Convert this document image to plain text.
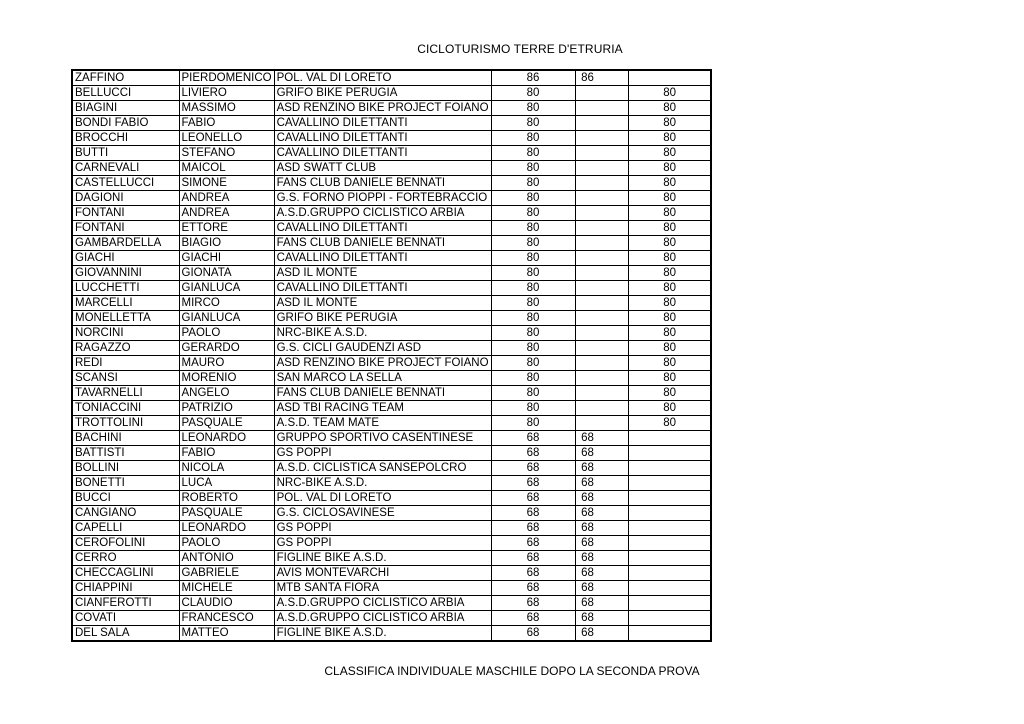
CICLOTURISMO TERRE D'ETRURIA
ZAFFINO	PIERDOMENICO	POL. VAL DI LORETO	86	86	
BELLUCCI	LIVIERO	GRIFO BIKE PERUGIA	80		80
BIAGINI	MASSIMO	ASD RENZINO BIKE PROJECT FOIANO	80		80
BONDI FABIO	FABIO	CAVALLINO DILETTANTI	80		80
BROCCHI	LEONELLO	CAVALLINO DILETTANTI	80		80
BUTTI	STEFANO	CAVALLINO DILETTANTI	80		80
CARNEVALI	MAICOL	ASD SWATT CLUB	80		80
CASTELLUCCI	SIMONE	FANS CLUB DANIELE BENNATI	80		80
DAGIONI	ANDREA	G.S. FORNO PIOPPI - FORTEBRACCIO	80		80
FONTANI	ANDREA	A.S.D.GRUPPO CICLISTICO ARBIA	80		80
FONTANI	ETTORE	CAVALLINO DILETTANTI	80		80
GAMBARDELLA	BIAGIO	FANS CLUB DANIELE BENNATI	80		80
GIACHI	GIACHI	CAVALLINO DILETTANTI	80		80
GIOVANNINI	GIONATA	ASD IL MONTE	80		80
LUCCHETTI	GIANLUCA	CAVALLINO DILETTANTI	80		80
MARCELLI	MIRCO	ASD IL MONTE	80		80
MONELLETTA	GIANLUCA	GRIFO BIKE PERUGIA	80		80
NORCINI	PAOLO	NRC-BIKE A.S.D.	80		80
RAGAZZO	GERARDO	G.S. CICLI GAUDENZI ASD	80		80
REDI	MAURO	ASD RENZINO BIKE PROJECT FOIANO	80		80
SCANSI	MORENIO	SAN MARCO LA SELLA	80		80
TAVARNELLI	ANGELO	FANS CLUB DANIELE BENNATI	80		80
TONIACCINI	PATRIZIO	ASD TBI RACING TEAM	80		80
TROTTOLINI	PASQUALE	A.S.D. TEAM MATE	80		80
BACHINI	LEONARDO	GRUPPO SPORTIVO CASENTINESE	68	68	
BATTISTI	FABIO	GS POPPI	68	68	
BOLLINI	NICOLA	A.S.D. CICLISTICA SANSEPOLCRO	68	68	
BONETTI	LUCA	NRC-BIKE A.S.D.	68	68	
BUCCI	ROBERTO	POL. VAL DI LORETO	68	68	
CANGIANO	PASQUALE	G.S. CICLOSAVINESE	68	68	
CAPELLI	LEONARDO	GS POPPI	68	68	
CEROFOLINI	PAOLO	GS POPPI	68	68	
CERRO	ANTONIO	FIGLINE BIKE A.S.D.	68	68	
CHECCAGLINI	GABRIELE	AVIS MONTEVARCHI	68	68	
CHIAPPINI	MICHELE	MTB SANTA FIORA	68	68	
CIANFEROTTI	CLAUDIO	A.S.D.GRUPPO CICLISTICO ARBIA	68	68	
COVATI	FRANCESCO	A.S.D.GRUPPO CICLISTICO ARBIA	68	68	
DEL SALA	MATTEO	FIGLINE BIKE A.S.D.	68	68	
CLASSIFICA INDIVIDUALE MASCHILE DOPO LA SECONDA PROVA
